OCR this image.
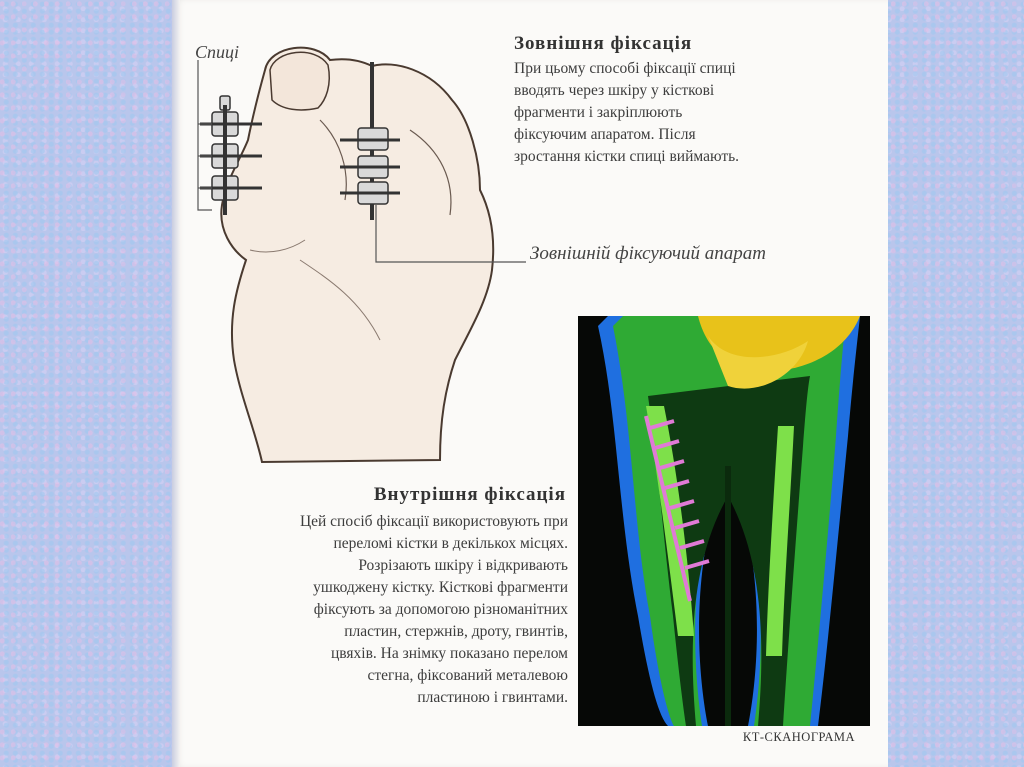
Зовнішня фіксація
При цьому способі фіксації спиці
вводять через шкіру у кісткові
фрагменти і закріплюють
фіксуючим апаратом. Після
зростання кістки спиці виймають.
Спиці
Зовнішній фіксуючий апарат
Внутрішня фіксація
Цей спосіб фіксації використовують при
переломі кістки в декількох місцях.
Розрізають шкіру і відкривають
ушкоджену кістку. Кісткові фрагменти
фіксують за допомогою різноманітних
пластин, стержнів, дроту, гвинтів,
цвяхів. На знімку показано перелом
стегна, фіксований металевою
пластиною і гвинтами.
КТ-СКАНОГРАМА
